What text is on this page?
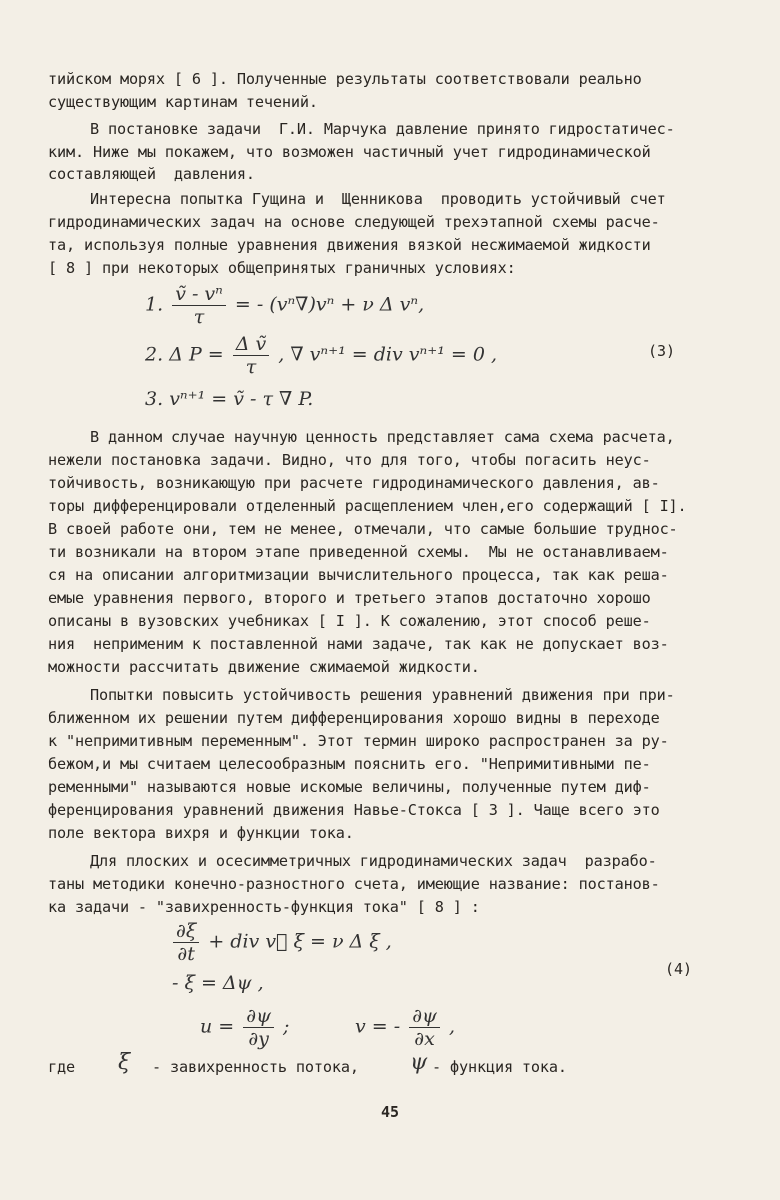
тийском морях [ 6 ]. Полученные результаты соответствовали реально
существующим картинам течений.
В постановке задачи  Г.И. Марчука давление принято гидростатичес-
ким. Ниже мы покажем, что возможен частичный учет гидродинамической
составляющей  давления.
Интересна попытка Гущина и  Щенникова  проводить устойчивый счет
гидродинамических задач на основе следующей трехэтапной схемы расче-
та, используя полные уравнения движения вязкой несжимаемой жидкости
[ 8 ] при некоторых общепринятых граничных условиях:
1. $\frac{\text{ṽ - vⁿ}}{\tau}$ = - (vⁿ∇)vⁿ + ν Δ vⁿ,
2. Δ $P = \frac{\text{Δ ṽ}}{\tau}$ , ∇ vⁿ⁺¹ = div vⁿ⁺¹ = 0 ,	(3)
3. vⁿ⁺¹ = ṽ - τ ∇ P.
В данном случае научную ценность представляет сама схема расчета,
нежели постановка задачи. Видно, что для того, чтобы погасить неус-
тойчивость, возникающую при расчете гидродинамического давления, ав-
торы дифференцировали отделенный расщеплением член,его содержащий [ I].
В своей работе они, тем не менее, отмечали, что самые большие труднос-
ти возникали на втором этапе приведенной схемы.  Мы не останавливаем-
ся на описании алгоритмизации вычислительного процесса, так как реша-
емые уравнения первого, второго и третьего этапов достаточно хорошо
описаны в вузовских учебниках [ I ]. К сожалению, этот способ реше-
ния  неприменим к поставленной нами задаче, так как не допускает воз-
можности рассчитать движение сжимаемой жидкости.
Попытки повысить устойчивость решения уравнений движения при при-
ближенном их решении путем дифференцирования хорошо видны в переходе
к "непримитивным переменным". Этот термин широко распространен за ру-
бежом,и мы считаем целесообразным пояснить его. "Непримитивными пе-
ременными" называются новые искомые величины, полученные путем диф-
ференцирования уравнений движения Навье-Стокса [ 3 ]. Чаще всего это
поле вектора вихря и функции тока.
Для плоских и осесимметричных гидродинамических задач  разрабо-
таны методики конечно-разностного счета, имеющие название: постанов-
ка задачи - "завихренность-функция тока" [ 8 ] :
$\frac{\partial\xi}{\partial t}$ + div v⃗ ξ = ν Δ ξ ,
- ξ = Δψ ,
(4)
$u = \frac{\partial\psi}{\partial y}$ ;	v = - $\frac{\partial\psi}{\partial x}$ ,
где ξ - завихренность потока, ψ - функция тока.
45
